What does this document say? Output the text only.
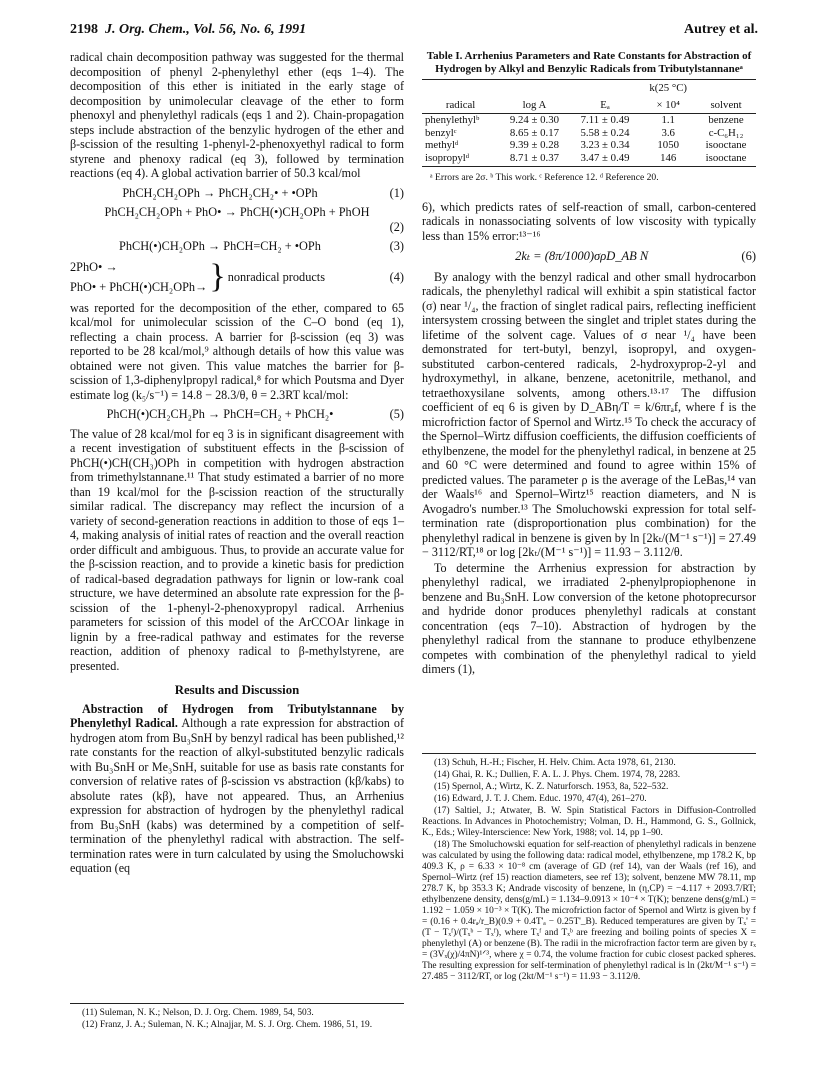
2198 J. Org. Chem., Vol. 56, No. 6, 1991	Autrey et al.

radical chain decomposition pathway was suggested for the thermal decomposition of phenyl 2-phenylethyl ether (eqs 1–4). The decomposition of this ether is initiated in the early stage of decomposition by unimolecular cleavage of the ether to form phenoxyl and phenylethyl radicals (eqs 1 and 2). Chain-propagation steps include abstraction of the benzylic hydrogen of the ether and β-scission of the resulting 1-phenyl-2-phenoxyethyl radical to form styrene and phenoxy radical (eq 3), followed by termination reactions (eq 4). A global activation barrier of 50.3 kcal/mol

PhCH₂CH₂OPh → PhCH₂CH₂• + •OPh	(1)
PhCH₂CH₂OPh + PhO• → PhCH(•)CH₂OPh + PhOH
(2)
PhCH(•)CH₂OPh → PhCH=CH₂ + •OPh	(3)
2PhO• →
PhO• + PhCH(•)CH₂OPh→ } nonradical products	(4)

was reported for the decomposition of the ether, compared to 65 kcal/mol for unimolecular scission of the C–O bond (eq 1), reflecting a chain process. A barrier for β-scission (eq 3) was reported to be 28 kcal/mol,⁹ although details of how this value was obtained were not given. This value matches the barrier for β-scission of 1,3-diphenylpropyl radical,⁸ for which Poutsma and Dyer estimate log (k₅/s⁻¹) = 14.8 − 28.3/θ, θ = 2.3RT kcal/mol:

PhCH(•)CH₂CH₂Ph → PhCH=CH₂ + PhCH₂•	(5)

The value of 28 kcal/mol for eq 3 is in significant disagreement with a recent investigation of substituent effects in the β-scission of PhCH(•)CH(CH₃)OPh in competition with hydrogen abstraction from trimethylstannane.¹¹ That study estimated a barrier of no more than 19 kcal/mol for the β-scission reaction of the structurally similar radical. The discrepancy may reflect the incursion of a variety of second-generation reactions in addition to those of eqs 1–4, making analysis of initial rates of reaction and the overall reaction order difficult and ambiguous. Thus, to provide an accurate value for the β-scission reaction, and to provide a kinetic basis for prediction of radical-based degradation pathways for lignin or low-rank coal structure, we have determined an absolute rate expression for the β-scission of the 1-phenyl-2-phenoxypropyl radical. Arrhenius parameters for scission of this model of the ArCCOAr linkage in lignin by a free-radical pathway and estimates for the reverse reaction, addition of phenoxy radical to β-methylstyrene, are presented.

Results and Discussion

Abstraction of Hydrogen from Tributylstannane by Phenylethyl Radical. Although a rate expression for abstraction of hydrogen atom from Bu₃SnH by benzyl radical has been published,¹² rate constants for the reaction of alkyl-substituted benzylic radicals with Bu₃SnH or Me₃SnH, suitable for use as basis rate constants for conversion of relative rates of β-scission vs abstraction (kβ/kabs) to absolute rates (kβ), have not appeared. Thus, an Arrhenius expression for abstraction of hydrogen by the phenylethyl radical from Bu₃SnH (kabs) was determined by a competition of self-termination of the phenylethyl radical with abstraction. The self-termination rates were in turn calculated by using the Smoluchowski equation (eq

(11) Suleman, N. K.; Nelson, D. J. Org. Chem. 1989, 54, 503.
(12) Franz, J. A.; Suleman, N. K.; Alnajjar, M. S. J. Org. Chem. 1986, 51, 19.
Table I. Arrhenius Parameters and Rate Constants for Abstraction of Hydrogen by Alkyl and Benzylic Radicals from Tributylstannaneᵃ
			k(25 °C)	
radical	log A	Eₐ	× 10⁴	solvent
phenylethylᵇ	9.24 ± 0.30	7.11 ± 0.49	1.1	benzene
benzylᶜ	8.65 ± 0.17	5.58 ± 0.24	3.6	c-C₆H₁₂
methylᵈ	9.39 ± 0.28	3.23 ± 0.34	1050	isooctane
isopropylᵈ	8.71 ± 0.37	3.47 ± 0.49	146	isooctane
ᵃ Errors are 2σ. ᵇ This work. ᶜ Reference 12. ᵈ Reference 20.

6), which predicts rates of self-reaction of small, carbon-centered radicals in nonassociating solvents of low viscosity with typically less than 15% error:¹³⁻¹⁶

2kₜ = (8π/1000)σρD_AB N	(6)

By analogy with the benzyl radical and other small hydrocarbon radicals, the phenylethyl radical will exhibit a spin statistical factor (σ) near ¹/₄, the fraction of singlet radical pairs, reflecting inefficient intersystem crossing between the singlet and triplet states during the lifetime of the solvent cage. Values of σ near ¹/₄ have been demonstrated for tert-butyl, benzyl, isopropyl, and oxygen-substituted carbon-centered radicals, 2-hydroxyprop-2-yl and hydroxymethyl, in alkane, benzene, acetonitrile, methanol, and tetraethoxysilane solvents, among others.¹³·¹⁷ The diffusion coefficient of eq 6 is given by D_ABη/T = k/6πrₐf, where f is the microfriction factor of Spernol and Wirtz.¹⁵ To check the accuracy of the Spernol–Wirtz diffusion coefficients, the diffusion coefficients of ethylbenzene, the model for the phenylethyl radical, in benzene at 25 and 60 °C were determined and found to agree within 15% of predicted values. The parameter ρ is the average of the LeBas,¹⁴ van der Waals¹⁶ and Spernol–Wirtz¹⁵ reaction diameters, and N is Avogadro's number.¹³ The Smoluchowski expression for total self-termination rate (disproportionation plus combination) for the phenylethyl radical in benzene is given by ln [2kₜ/(M⁻¹ s⁻¹)] = 27.49 − 3112/RT,¹⁸ or log [2kₜ/(M⁻¹ s⁻¹)] = 11.93 − 3.112/θ.

To determine the Arrhenius expression for abstraction by phenylethyl radical, we irradiated 2-phenylpropiophenone in benzene and Bu₃SnH. Low conversion of the ketone photoprecursor and hydride donor produces phenylethyl radicals at constant concentration (eqs 7–10). Abstraction of hydrogen by the phenylethyl radical from the stannane to produce ethylbenzene competes with combination of the phenylethyl radical to yield dimers (1),

(13) Schuh, H.-H.; Fischer, H. Helv. Chim. Acta 1978, 61, 2130.
(14) Ghai, R. K.; Dullien, F. A. L. J. Phys. Chem. 1974, 78, 2283.
(15) Spernol, A.; Wirtz, K. Z. Naturforsch. 1953, 8a, 522–532.
(16) Edward, J. T. J. Chem. Educ. 1970, 47(4), 261–270.
(17) Saltiel, J.; Atwater, B. W. Spin Statistical Factors in Diffusion-Controlled Reactions. In Advances in Photochemistry; Volman, D. H., Hammond, G. S., Gollnick, K., Eds.; Wiley-Interscience: New York, 1988; vol. 14, pp 1–90.
(18) The Smoluchowski equation for self-reaction of phenylethyl radicals in benzene was calculated by using the following data: radical model, ethylbenzene, mp 178.2 K, bp 409.3 K, ρ = 6.33 × 10⁻⁸ cm (average of GD (ref 14), van der Waals (ref 16), and Spernol–Wirtz (ref 15) reaction diameters, see ref 13); solvent, benzene MW 78.11, mp 278.7 K, bp 353.3 K; Andrade viscosity of benzene, ln (η,CP) = −4.117 + 2093.7/RT; ethylbenzene density, dens(g/mL) = 1.134–9.0913 × 10⁻⁴ × T(K); benzene dens(g/mL) = 1.192 − 1.059 × 10⁻³ × T(K). The microfriction factor of Spernol and Wirtz is given by f = (0.16 + 0.4rₐ/r_B)(0.9 + 0.4T'ₐ − 0.25T'_B). Reduced temperatures are given by Tₓ' = (T − Tₓᶠ)/(Tₓᵇ − Tₓᶠ), where Tₓᶠ and Tₓᵇ are freezing and boiling points of species X = phenylethyl (A) or benzene (B). The radii in the microfraction factor term are given by rₓ = (3Vₓ(χ)/4πN)¹ᐟ³, where χ = 0.74, the volume fraction for cubic closest packed spheres. The resulting expression for self-termination of phenylethyl radical is ln (2kt/M⁻¹ s⁻¹) = 27.485 − 3112/RT, or log (2kt/M⁻¹ s⁻¹) = 11.93 − 3.112/θ.
